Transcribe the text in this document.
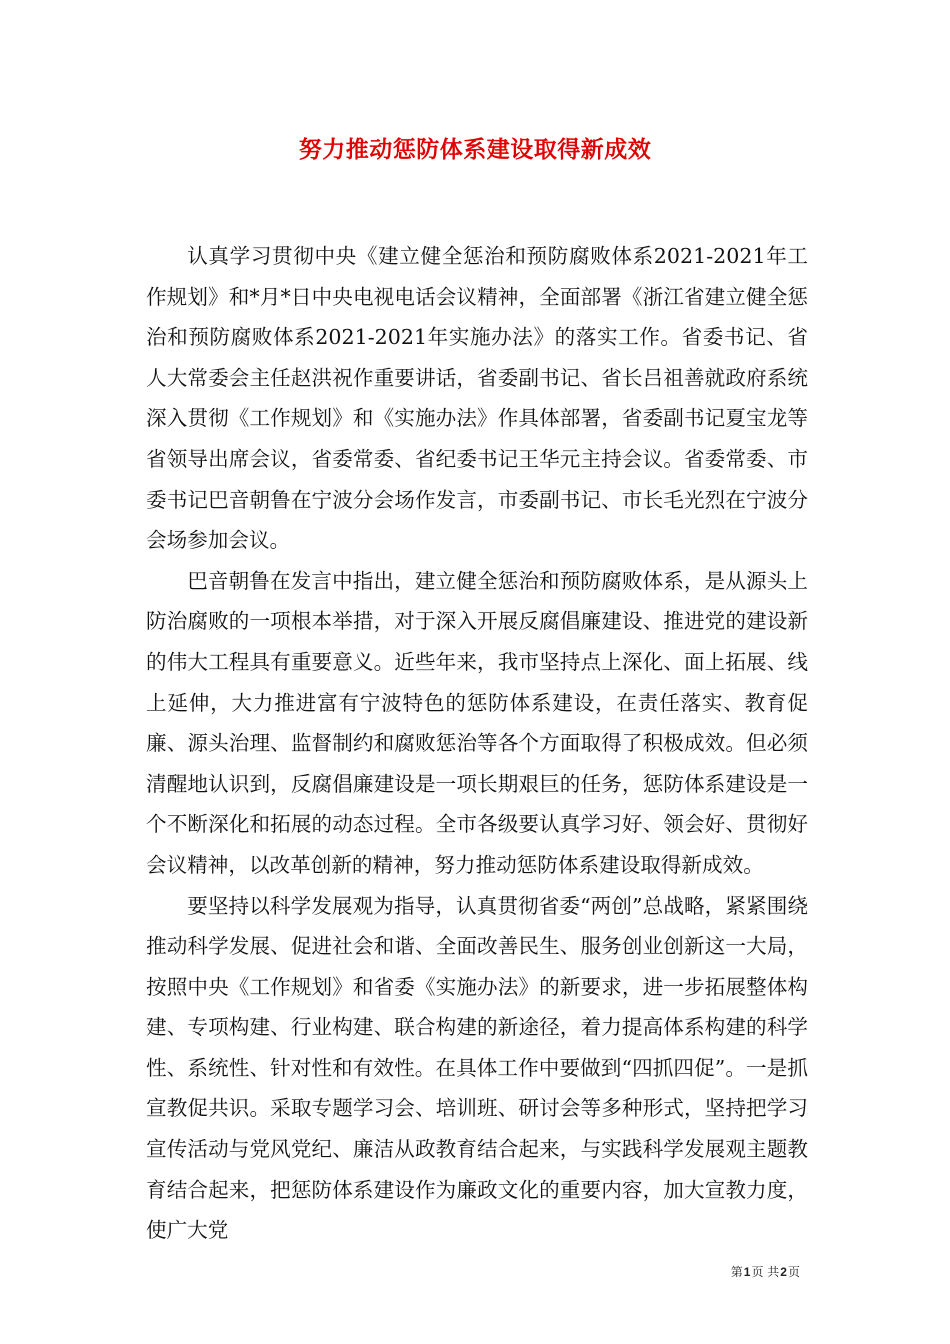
努力推动惩防体系建设取得新成效

认真学习贯彻中央《建立健全惩治和预防腐败体系2021-2021年工作规划》和*月*日中央电视电话会议精神，全面部署《浙江省建立健全惩治和预防腐败体系2021-2021年实施办法》的落实工作。省委书记、省人大常委会主任赵洪祝作重要讲话，省委副书记、省长吕祖善就政府系统深入贯彻《工作规划》和《实施办法》作具体部署，省委副书记夏宝龙等省领导出席会议，省委常委、省纪委书记王华元主持会议。省委常委、市委书记巴音朝鲁在宁波分会场作发言，市委副书记、市长毛光烈在宁波分会场参加会议。

巴音朝鲁在发言中指出，建立健全惩治和预防腐败体系，是从源头上防治腐败的一项根本举措，对于深入开展反腐倡廉建设、推进党的建设新的伟大工程具有重要意义。近些年来，我市坚持点上深化、面上拓展、线上延伸，大力推进富有宁波特色的惩防体系建设，在责任落实、教育促廉、源头治理、监督制约和腐败惩治等各个方面取得了积极成效。但必须清醒地认识到，反腐倡廉建设是一项长期艰巨的任务，惩防体系建设是一个不断深化和拓展的动态过程。全市各级要认真学习好、领会好、贯彻好会议精神，以改革创新的精神，努力推动惩防体系建设取得新成效。

要坚持以科学发展观为指导，认真贯彻省委“两创”总战略，紧紧围绕推动科学发展、促进社会和谐、全面改善民生、服务创业创新这一大局，按照中央《工作规划》和省委《实施办法》的新要求，进一步拓展整体构建、专项构建、行业构建、联合构建的新途径，着力提高体系构建的科学性、系统性、针对性和有效性。在具体工作中要做到“四抓四促”。一是抓宣教促共识。采取专题学习会、培训班、研讨会等多种形式，坚持把学习宣传活动与党风党纪、廉洁从政教育结合起来，与实践科学发展观主题教育结合起来，把惩防体系建设作为廉政文化的重要内容，加大宣教力度，使广大党

第1页 共2页
